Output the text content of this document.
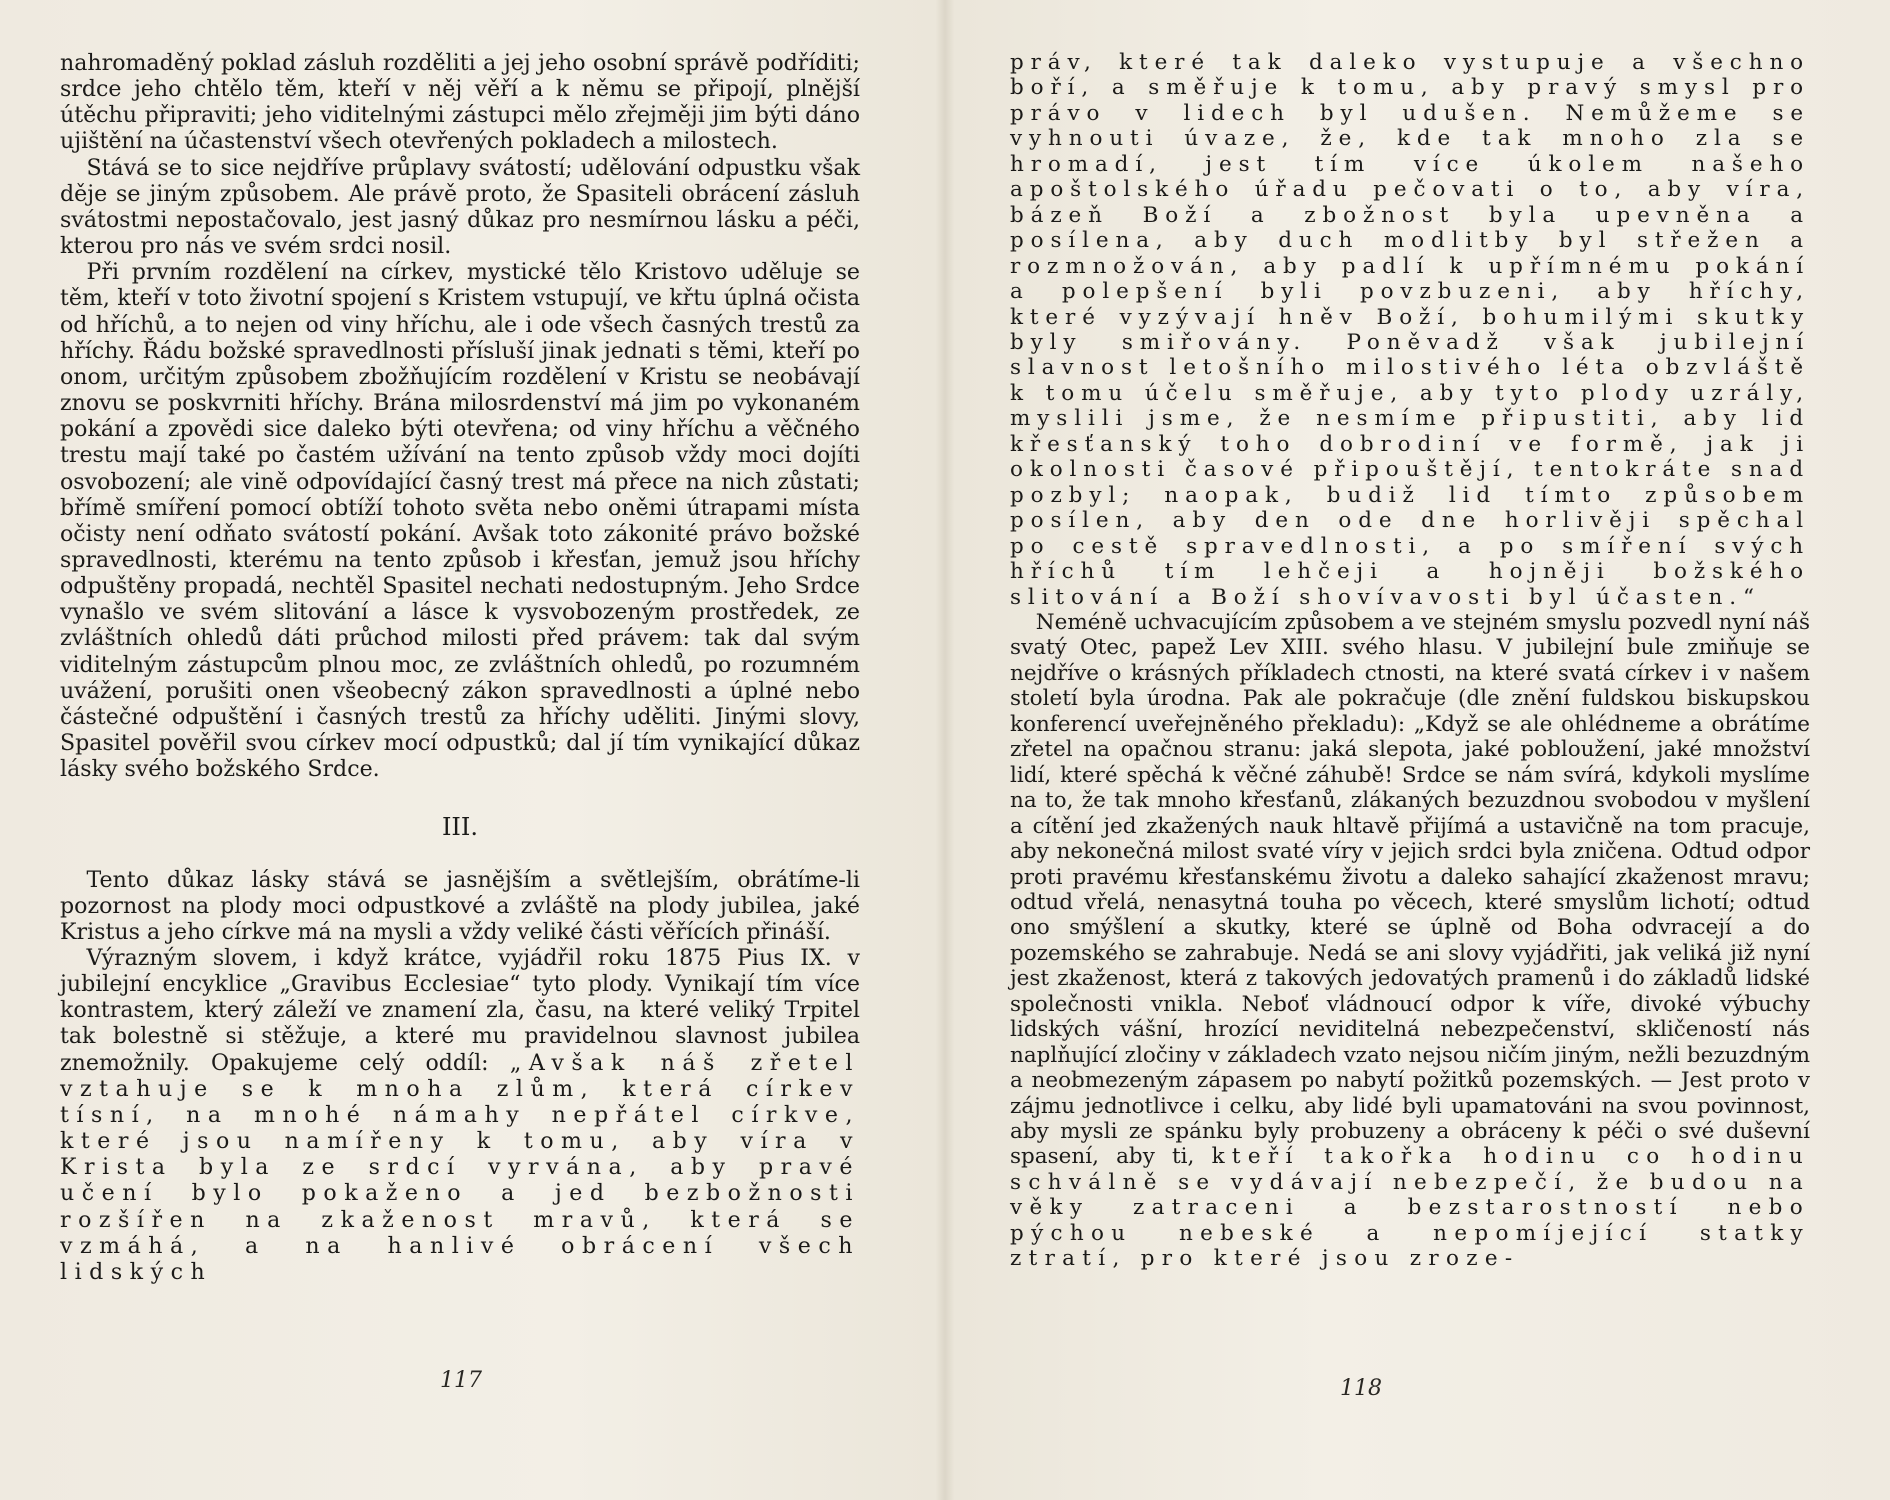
nahromaděný poklad zásluh rozděliti a jej jeho osobní správě podříditi; srdce jeho chtělo těm, kteří v něj věří a k němu se připojí, plnější útěchu připraviti; jeho viditelnými zástupci mělo zřejměji jim býti dáno ujištění na účastenství všech otevřených pokladech a milostech.

Stává se to sice nejdříve průplavy svátostí; udělování odpustku však děje se jiným způsobem. Ale právě proto, že Spasiteli obrácení zásluh svátostmi nepostačovalo, jest jasný důkaz pro nesmírnou lásku a péči, kterou pro nás ve svém srdci nosil.

Při prvním rozdělení na církev, mystické tělo Kristovo uděluje se těm, kteří v toto životní spojení s Kristem vstupují, ve křtu úplná očista od hříchů, a to nejen od viny hříchu, ale i ode všech časných trestů za hříchy. Řádu božské spravedlnosti přísluší jinak jednati s těmi, kteří po onom, určitým způsobem zbožňujícím rozdělení v Kristu se neobávají znovu se poskvrniti hříchy. Brána milosrdenství má jim po vykonaném pokání a zpovědi sice daleko býti otevřena; od viny hříchu a věčného trestu mají také po častém užívání na tento způsob vždy moci dojíti osvobození; ale vině odpovídající časný trest má přece na nich zůstati; břímě smíření pomocí obtíží tohoto světa nebo oněmi útrapami místa očisty není odňato svátostí pokání. Avšak toto zákonité právo božské spravedlnosti, kterému na tento způsob i křesťan, jemuž jsou hříchy odpuštěny propadá, nechtěl Spasitel nechati nedostupným. Jeho Srdce vynašlo ve svém slitování a lásce k vysvobozeným prostředek, ze zvláštních ohledů dáti průchod milosti před právem: tak dal svým viditelným zástupcům plnou moc, ze zvláštních ohledů, po rozumném uvážení, porušiti onen všeobecný zákon spravedlnosti a úplné nebo částečné odpuštění i časných trestů za hříchy uděliti. Jinými slovy, Spasitel pověřil svou církev mocí odpustků; dal jí tím vynikající důkaz lásky svého božského Srdce.

III.

Tento důkaz lásky stává se jasnějším a světlejším, obrátíme-li pozornost na plody moci odpustkové a zvláště na plody jubilea, jaké Kristus a jeho církve má na mysli a vždy veliké části věřících přináší.

Výrazným slovem, i když krátce, vyjádřil roku 1875 Pius IX. v jubilejní encyklice „Gravibus Ecclesiae“ tyto plody. Vynikají tím více kontrastem, který záleží ve znamení zla, času, na které veliký Trpitel tak bolestně si stěžuje, a které mu pravidelnou slavnost jubilea znemožnily. Opakujeme celý oddíl: „Avšak náš zřetel vztahuje se k mnoha zlům, která církev tísní, na mnohé námahy nepřátel církve, které jsou namířeny k tomu, aby víra v Krista byla ze srdcí vyrvána, aby pravé učení bylo pokaženo a jed bezbožnosti rozšířen na zkaženost mravů, která se vzmáhá, a na hanlivé obrácení všech lidských

117

práv, které tak daleko vystupuje a všechno boří, a směřuje k tomu, aby pravý smysl pro právo v lidech byl udušen. Nemůžeme se vyhnouti úvaze, že, kde tak mnoho zla se hromadí, jest tím více úkolem našeho apoštolského úřadu pečovati o to, aby víra, bázeň Boží a zbožnost byla upevněna a posílena, aby duch modlitby byl střežen a rozmnožován, aby padlí k upřímnému pokání a polepšení byli povzbuzeni, aby hříchy, které vyzývají hněv Boží, bohumilými skutky byly smiřovány. Poněvadž však jubilejní slavnost letošního milostivého léta obzvláště k tomu účelu směřuje, aby tyto plody uzrály, myslili jsme, že nesmíme připustiti, aby lid křesťanský toho dobrodiní ve formě, jak ji okolnosti časové připouštějí, tentokráte snad pozbyl; naopak, budiž lid tímto způsobem posílen, aby den ode dne horlivěji spěchal po cestě spravedlnosti, a po smíření svých hříchů tím lehčeji a hojněji božského slitování a Boží shovívavosti byl účasten.“

Neméně uchvacujícím způsobem a ve stejném smyslu pozvedl nyní náš svatý Otec, papež Lev XIII. svého hlasu. V jubilejní bule zmiňuje se nejdříve o krásných příkladech ctnosti, na které svatá církev i v našem století byla úrodna. Pak ale pokračuje (dle znění fuldskou biskupskou konferencí uveřejněného překladu): „Když se ale ohlédneme a obrátíme zřetel na opačnou stranu: jaká slepota, jaké pobloužení, jaké množství lidí, které spěchá k věčné záhubě! Srdce se nám svírá, kdykoli myslíme na to, že tak mnoho křesťanů, zlákaných bezuzdnou svobodou v myšlení a cítění jed zkažených nauk hltavě přijímá a ustavičně na tom pracuje, aby nekonečná milost svaté víry v jejich srdci byla zničena. Odtud odpor proti pravému křesťanskému životu a daleko sahající zkaženost mravu; odtud vřelá, nenasytná touha po věcech, které smyslům lichotí; odtud ono smýšlení a skutky, které se úplně od Boha odvracejí a do pozemského se zahrabuje. Nedá se ani slovy vyjádřiti, jak veliká již nyní jest zkaženost, která z takových jedovatých pramenů i do základů lidské společnosti vnikla. Neboť vládnoucí odpor k víře, divoké výbuchy lidských vášní, hrozící neviditelná nebezpečenství, skličeností nás naplňující zločiny v základech vzato nejsou ničím jiným, nežli bezuzdným a neobmezeným zápasem po nabytí požitků pozemských. — Jest proto v zájmu jednotlivce i celku, aby lidé byli upamatováni na svou povinnost, aby mysli ze spánku byly probuzeny a obráceny k péči o své duševní spasení, aby ti, kteří takořka hodinu co hodinu schválně se vydávají nebezpečí, že budou na věky zatraceni a bezstarostností nebo pýchou nebeské a nepomíjející statky ztratí, pro které jsou zroze-

118
